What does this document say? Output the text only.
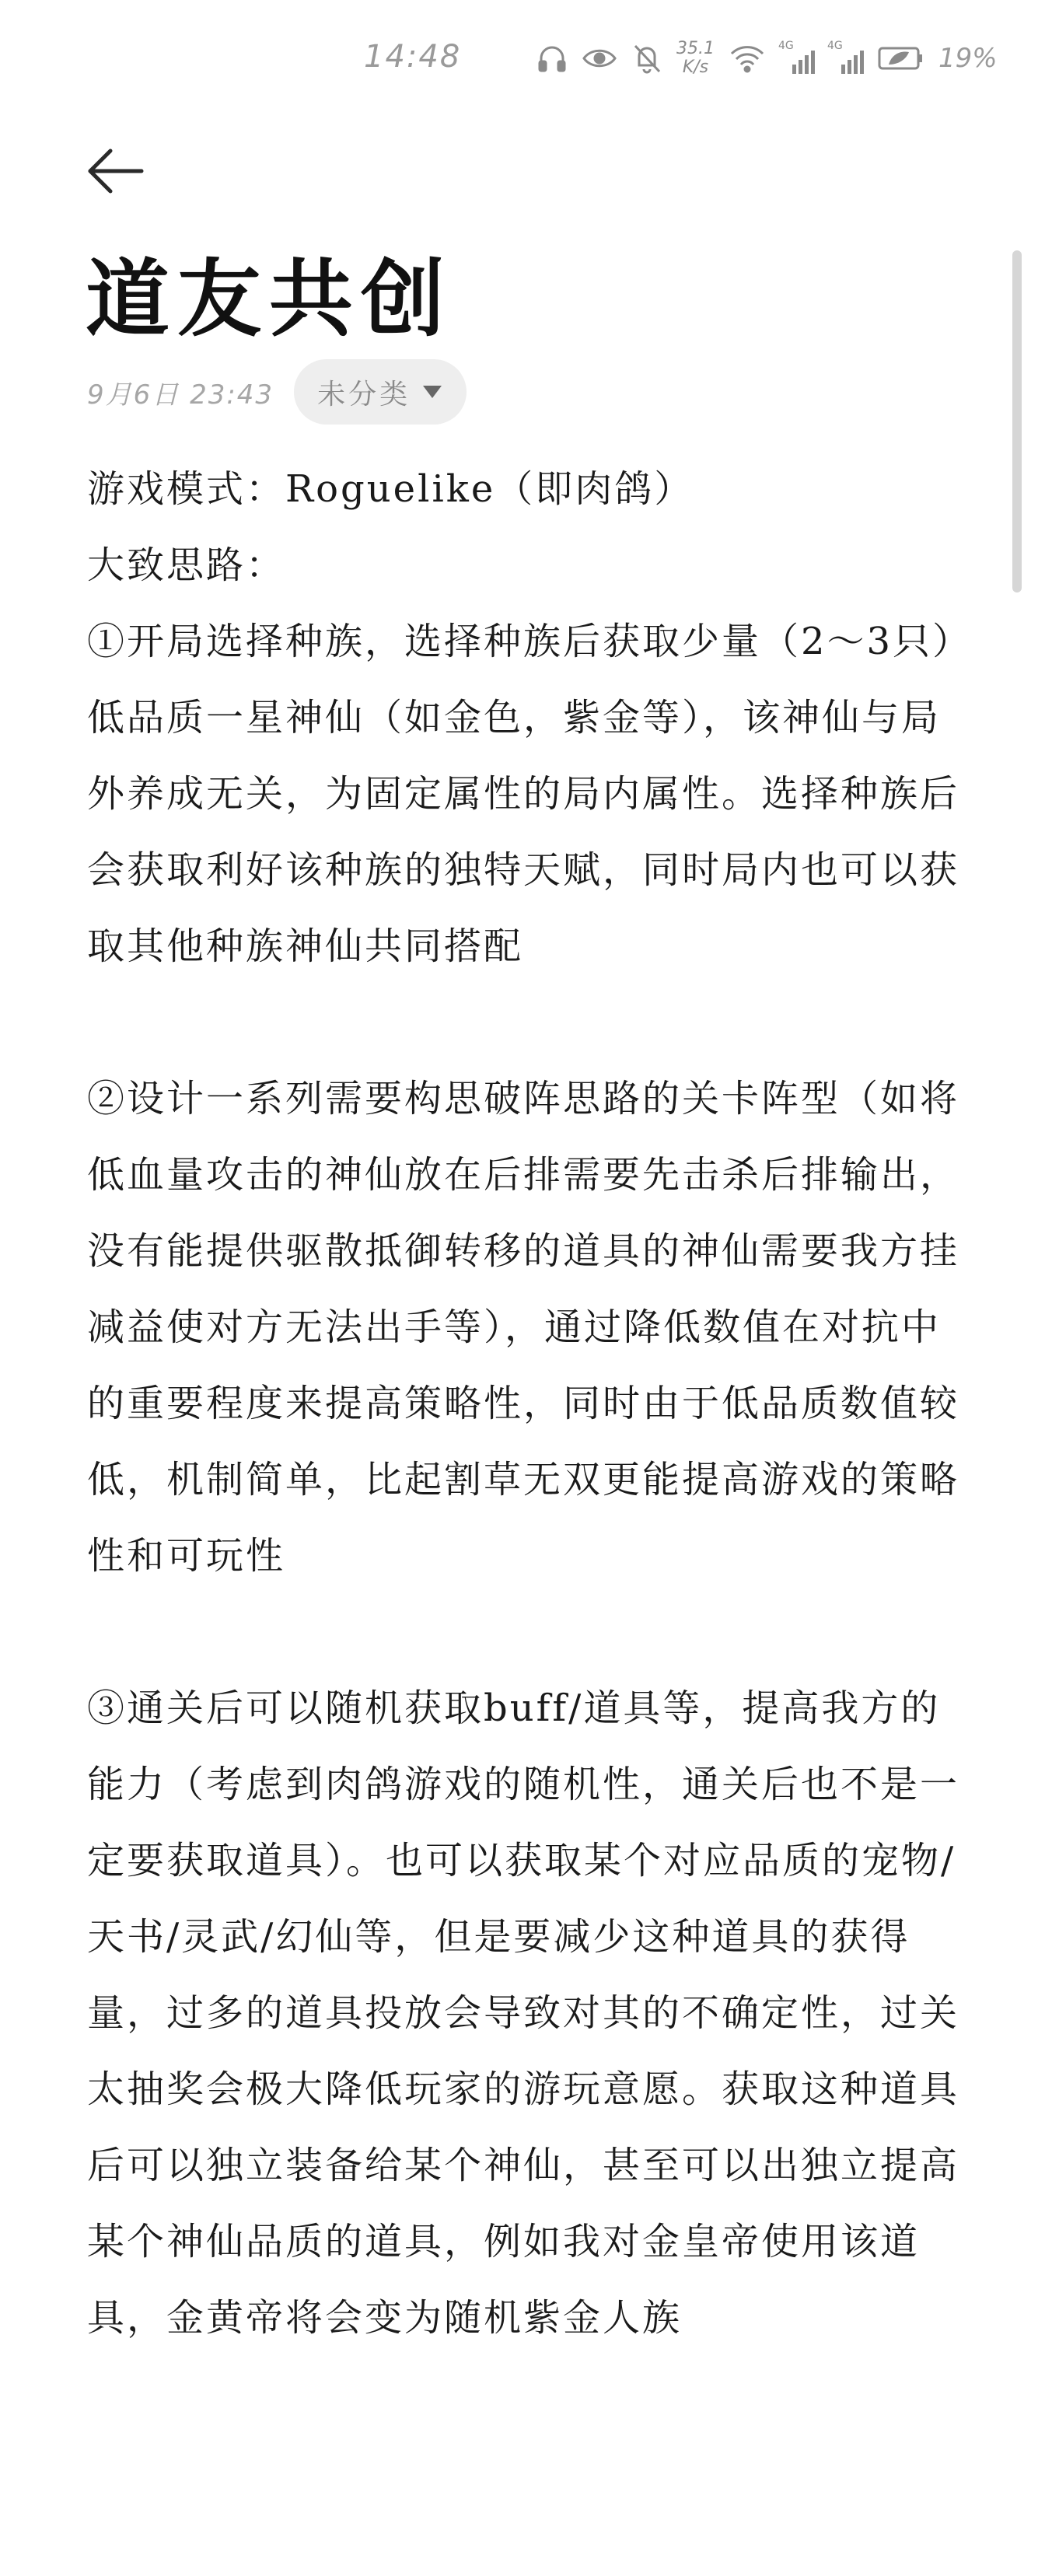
14:48	35.1
K/s
4G	4G	19%
道友共创
9月6日 23:43 未分类

游戏模式：Roguelike（即肉鸽）

大致思路：

①开局选择种族，选择种族后获取少量（2～3只）低品质一星神仙（如金色，紫金等），该神仙与局外养成无关，为固定属性的局内属性。选择种族后会获取利好该种族的独特天赋，同时局内也可以获取其他种族神仙共同搭配

②设计一系列需要构思破阵思路的关卡阵型（如将低血量攻击的神仙放在后排需要先击杀后排输出，没有能提供驱散抵御转移的道具的神仙需要我方挂减益使对方无法出手等），通过降低数值在对抗中的重要程度来提高策略性，同时由于低品质数值较低，机制简单，比起割草无双更能提高游戏的策略性和可玩性

③通关后可以随机获取buff/道具等，提高我方的能力（考虑到肉鸽游戏的随机性，通关后也不是一定要获取道具）。也可以获取某个对应品质的宠物/天书/灵武/幻仙等，但是要减少这种道具的获得量，过多的道具投放会导致对其的不确定性，过关太抽奖会极大降低玩家的游玩意愿。获取这种道具后可以独立装备给某个神仙，甚至可以出独立提高某个神仙品质的道具，例如我对金皇帝使用该道具，金黄帝将会变为随机紫金人族
